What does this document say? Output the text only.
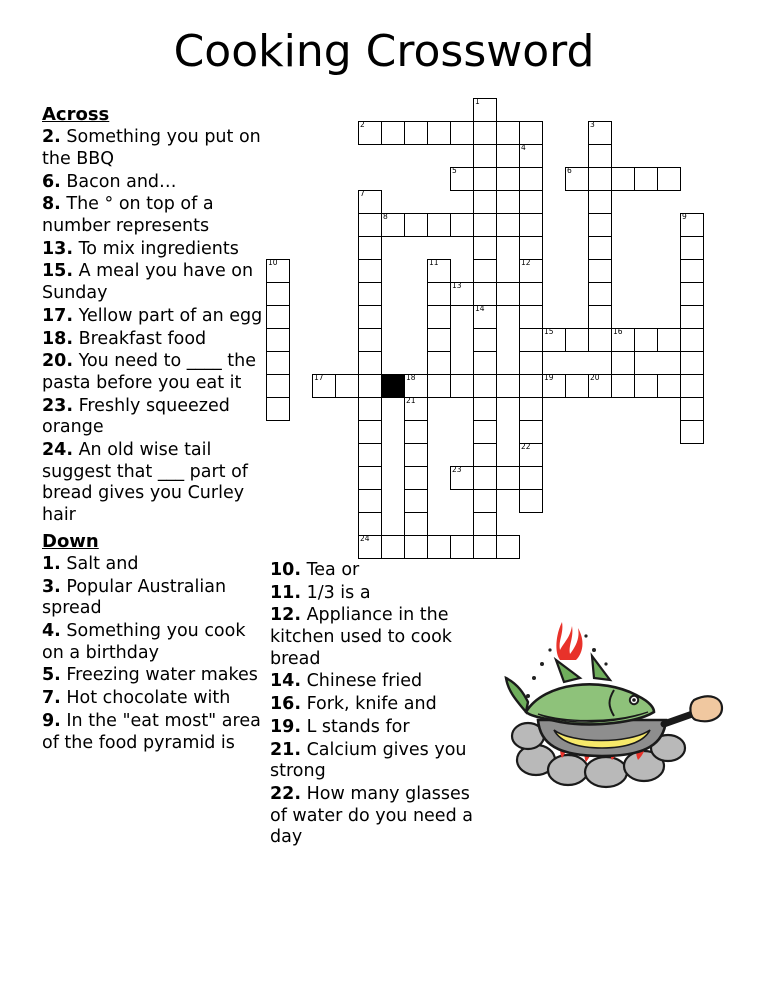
Cooking Crossword
Across
2. Something you put on the BBQ
6. Bacon and…
8. The ° on top of a number represents
13. To mix ingredients
15. A meal you have on Sunday
17. Yellow part of an egg
18. Breakfast food
20. You need to ____ the pasta before you eat it
23. Freshly squeezed orange
24. An old wise tail suggest that ___ part of bread gives you Curley hair
Down
1. Salt and
3. Popular Australian spread
4. Something you cook on a birthday
5. Freezing water makes
7. Hot chocolate with
9. In the "eat most" area of the food pyramid is
10. Tea or
11. 1/3 is a
12. Appliance in the kitchen used to cook bread
14. Chinese fried
16. Fork, knife and
19. L stands for
21. Calcium gives you strong
22. How many glasses of water do you need a day
1
2	3
4
5	6
7
8	9
10	11	12
13
14
15	16
17	18	19	20
21
22
23
24
